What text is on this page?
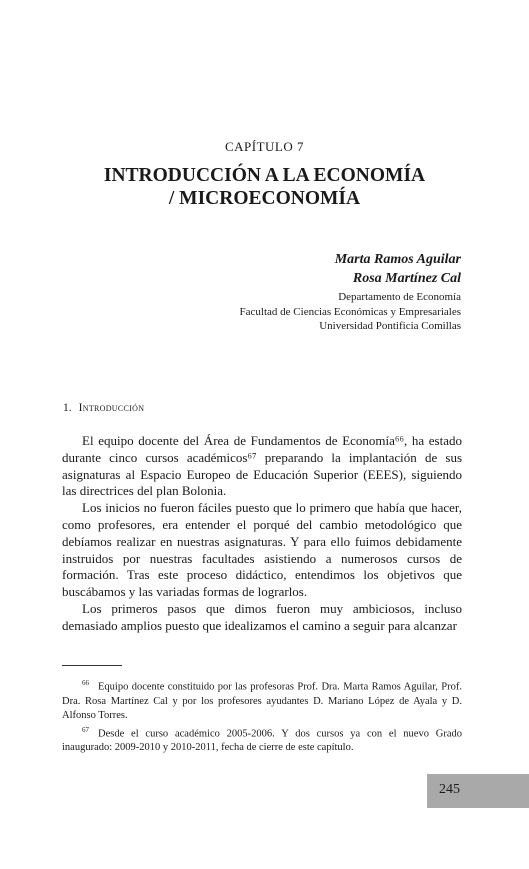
CAPÍTULO 7
INTRODUCCIÓN A LA ECONOMÍA
/ MICROECONOMÍA
Marta Ramos Aguilar
Rosa Martínez Cal
Departamento de Economía
Facultad de Ciencias Económicas y Empresariales
Universidad Pontificia Comillas
1. Introducción

El equipo docente del Área de Fundamentos de Economía⁶⁶, ha estado durante cinco cursos académicos⁶⁷ preparando la implantación de sus asignaturas al Espacio Europeo de Educación Superior (EEES), siguiendo las directrices del plan Bolonia.

Los inicios no fueron fáciles puesto que lo primero que había que hacer, como profesores, era entender el porqué del cambio metodológico que debíamos realizar en nuestras asignaturas. Y para ello fuimos debidamente instruidos por nuestras facultades asistiendo a numerosos cursos de formación. Tras este proceso didáctico, entendimos los objetivos que buscábamos y las variadas formas de lograrlos.

Los primeros pasos que dimos fueron muy ambiciosos, incluso demasiado amplios puesto que idealizamos el camino a seguir para alcanzar

$^{66}$ Equipo docente constituido por las profesoras Prof. Dra. Marta Ramos Aguilar, Prof. Dra. Rosa Martínez Cal y por los profesores ayudantes D. Mariano López de Ayala y D. Alfonso Torres.

$^{67}$ Desde el curso académico 2005-2006. Y dos cursos ya con el nuevo Grado inaugurado: 2009-2010 y 2010-2011, fecha de cierre de este capítulo.

245
